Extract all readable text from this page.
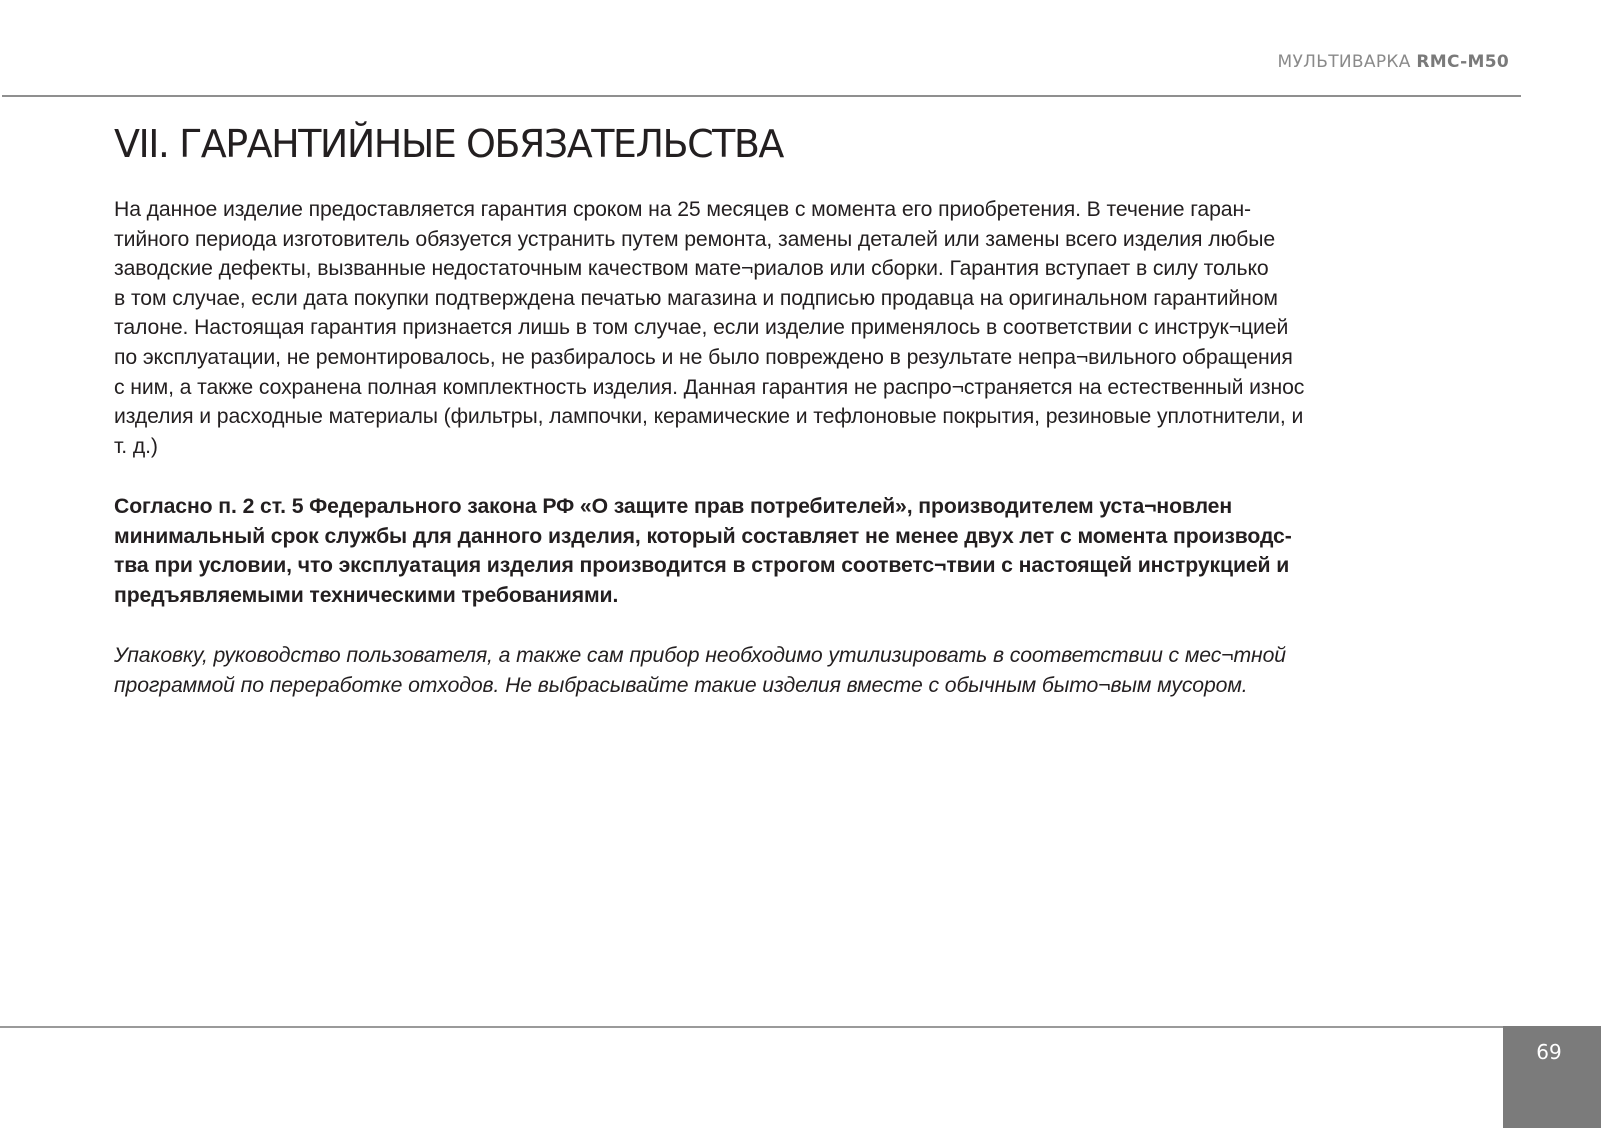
МУЛЬТИВАРКА RMC-M50
VII. ГАРАНТИЙНЫЕ ОБЯЗАТЕЛЬСТВА

На данное изделие предоставляется гарантия сроком на 25 месяцев с момента его приобретения. В течение гаран-
тийного периода изготовитель обязуется устранить путем ремонта, замены деталей или замены всего изделия любые
заводские дефекты, вызванные недостаточным качеством мате¬риалов или сборки. Гарантия вступает в силу только
в том случае, если дата покупки подтверждена печатью магазина и подписью продавца на оригинальном гарантийном
талоне. Настоящая гарантия признается лишь в том случае, если изделие применялось в соответствии с инструк¬цией
по эксплуатации, не ремонтировалось, не разбиралось и не было повреждено в результате непра¬вильного обращения
с ним, а также сохранена полная комплектность изделия. Данная гарантия не распро¬страняется на естественный износ
изделия и расходные материалы (фильтры, лампочки, керамические и тефлоновые покрытия, резиновые уплотнители, и
т. д.)

Согласно п. 2 ст. 5 Федерального закона РФ «О защите прав потребителей», производителем уста¬новлен
минимальный срок службы для данного изделия, который составляет не менее двух лет с момента производс-
тва при условии, что эксплуатация изделия производится в строгом соответс¬твии с настоящей инструкцией и
предъявляемыми техническими требованиями.

Упаковку, руководство пользователя, а также сам прибор необходимо утилизировать в соответствии с мес¬тной
программой по переработке отходов. Не выбрасывайте такие изделия вместе с обычным быто¬вым мусором.

69
